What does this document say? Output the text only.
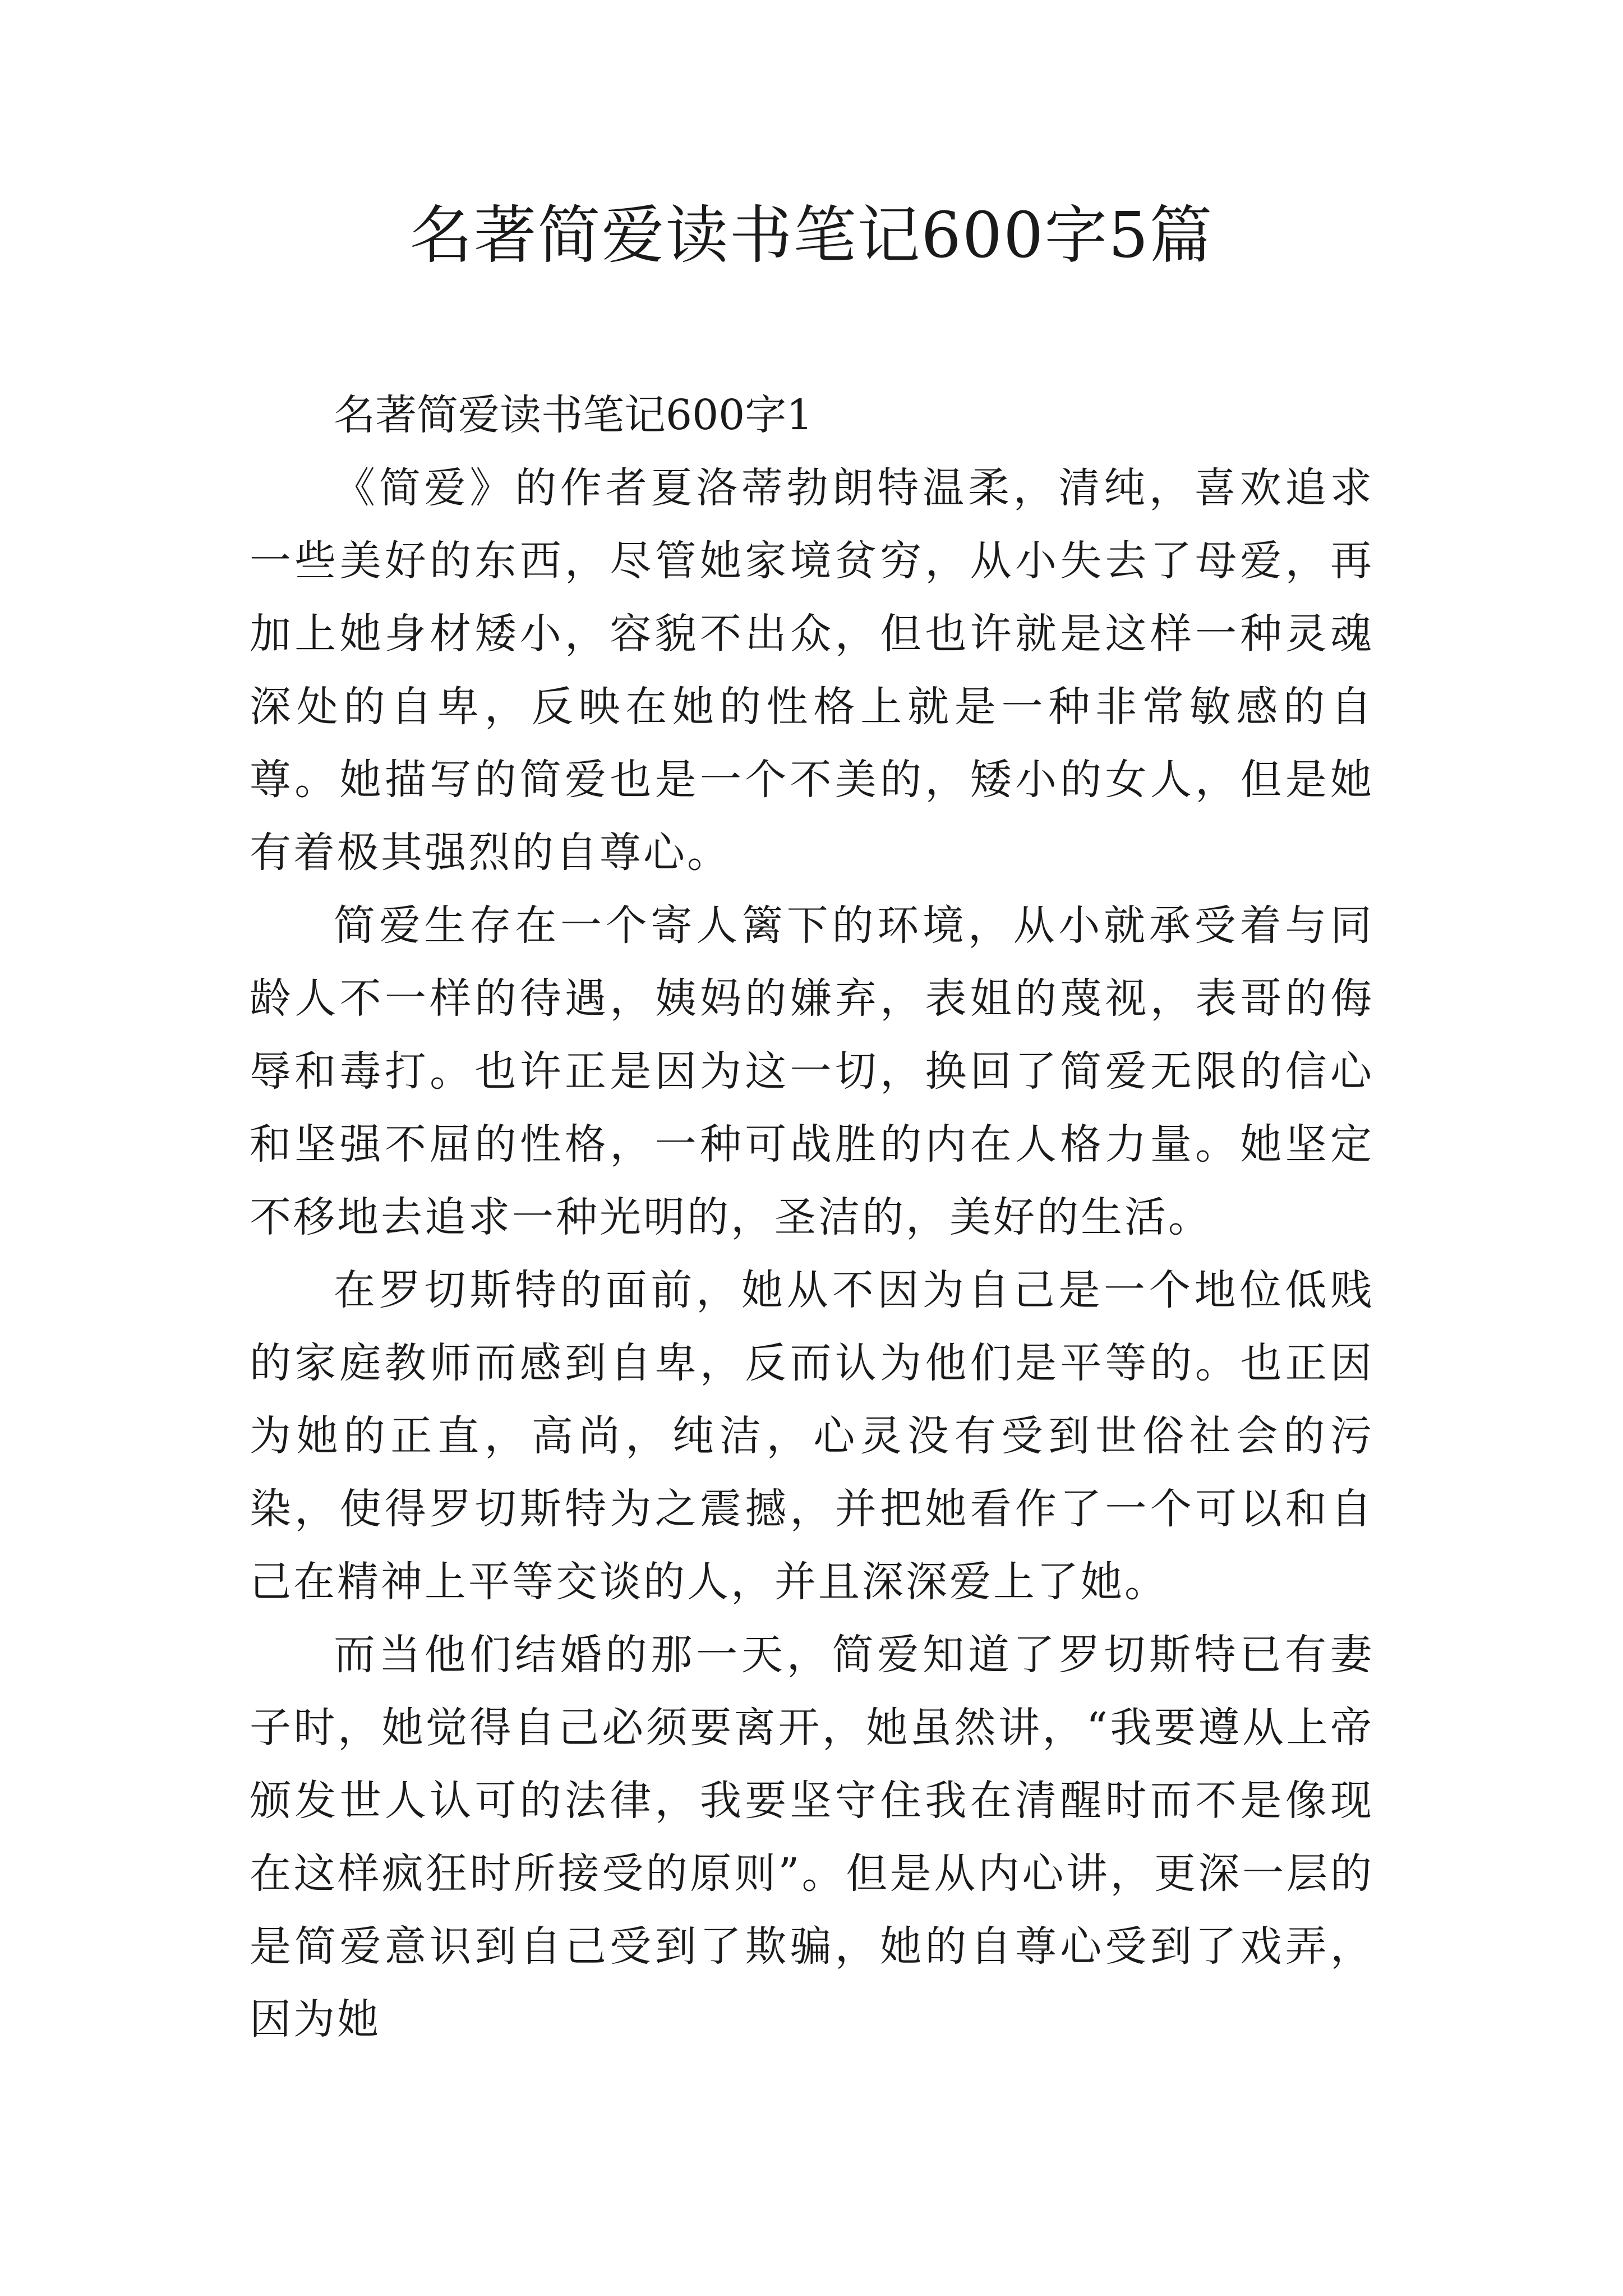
名著简爱读书笔记600字5篇
名著简爱读书笔记600字1

《简爱》的作者夏洛蒂勃朗特温柔，清纯，喜欢追求一些美好的东西，尽管她家境贫穷，从小失去了母爱，再加上她身材矮小，容貌不出众，但也许就是这样一种灵魂深处的自卑，反映在她的性格上就是一种非常敏感的自尊。她描写的简爱也是一个不美的，矮小的女人，但是她有着极其强烈的自尊心。

简爱生存在一个寄人篱下的环境，从小就承受着与同龄人不一样的待遇，姨妈的嫌弃，表姐的蔑视，表哥的侮辱和毒打。也许正是因为这一切，换回了简爱无限的信心和坚强不屈的性格，一种可战胜的内在人格力量。她坚定不移地去追求一种光明的，圣洁的，美好的生活。

在罗切斯特的面前，她从不因为自己是一个地位低贱的家庭教师而感到自卑，反而认为他们是平等的。也正因为她的正直，高尚，纯洁，心灵没有受到世俗社会的污染，使得罗切斯特为之震撼，并把她看作了一个可以和自己在精神上平等交谈的人，并且深深爱上了她。

而当他们结婚的那一天，简爱知道了罗切斯特已有妻子时，她觉得自己必须要离开，她虽然讲，“我要遵从上帝颁发世人认可的法律，我要坚守住我在清醒时而不是像现在这样疯狂时所接受的原则”。但是从内心讲，更深一层的是简爱意识到自己受到了欺骗，她的自尊心受到了戏弄，因为她
